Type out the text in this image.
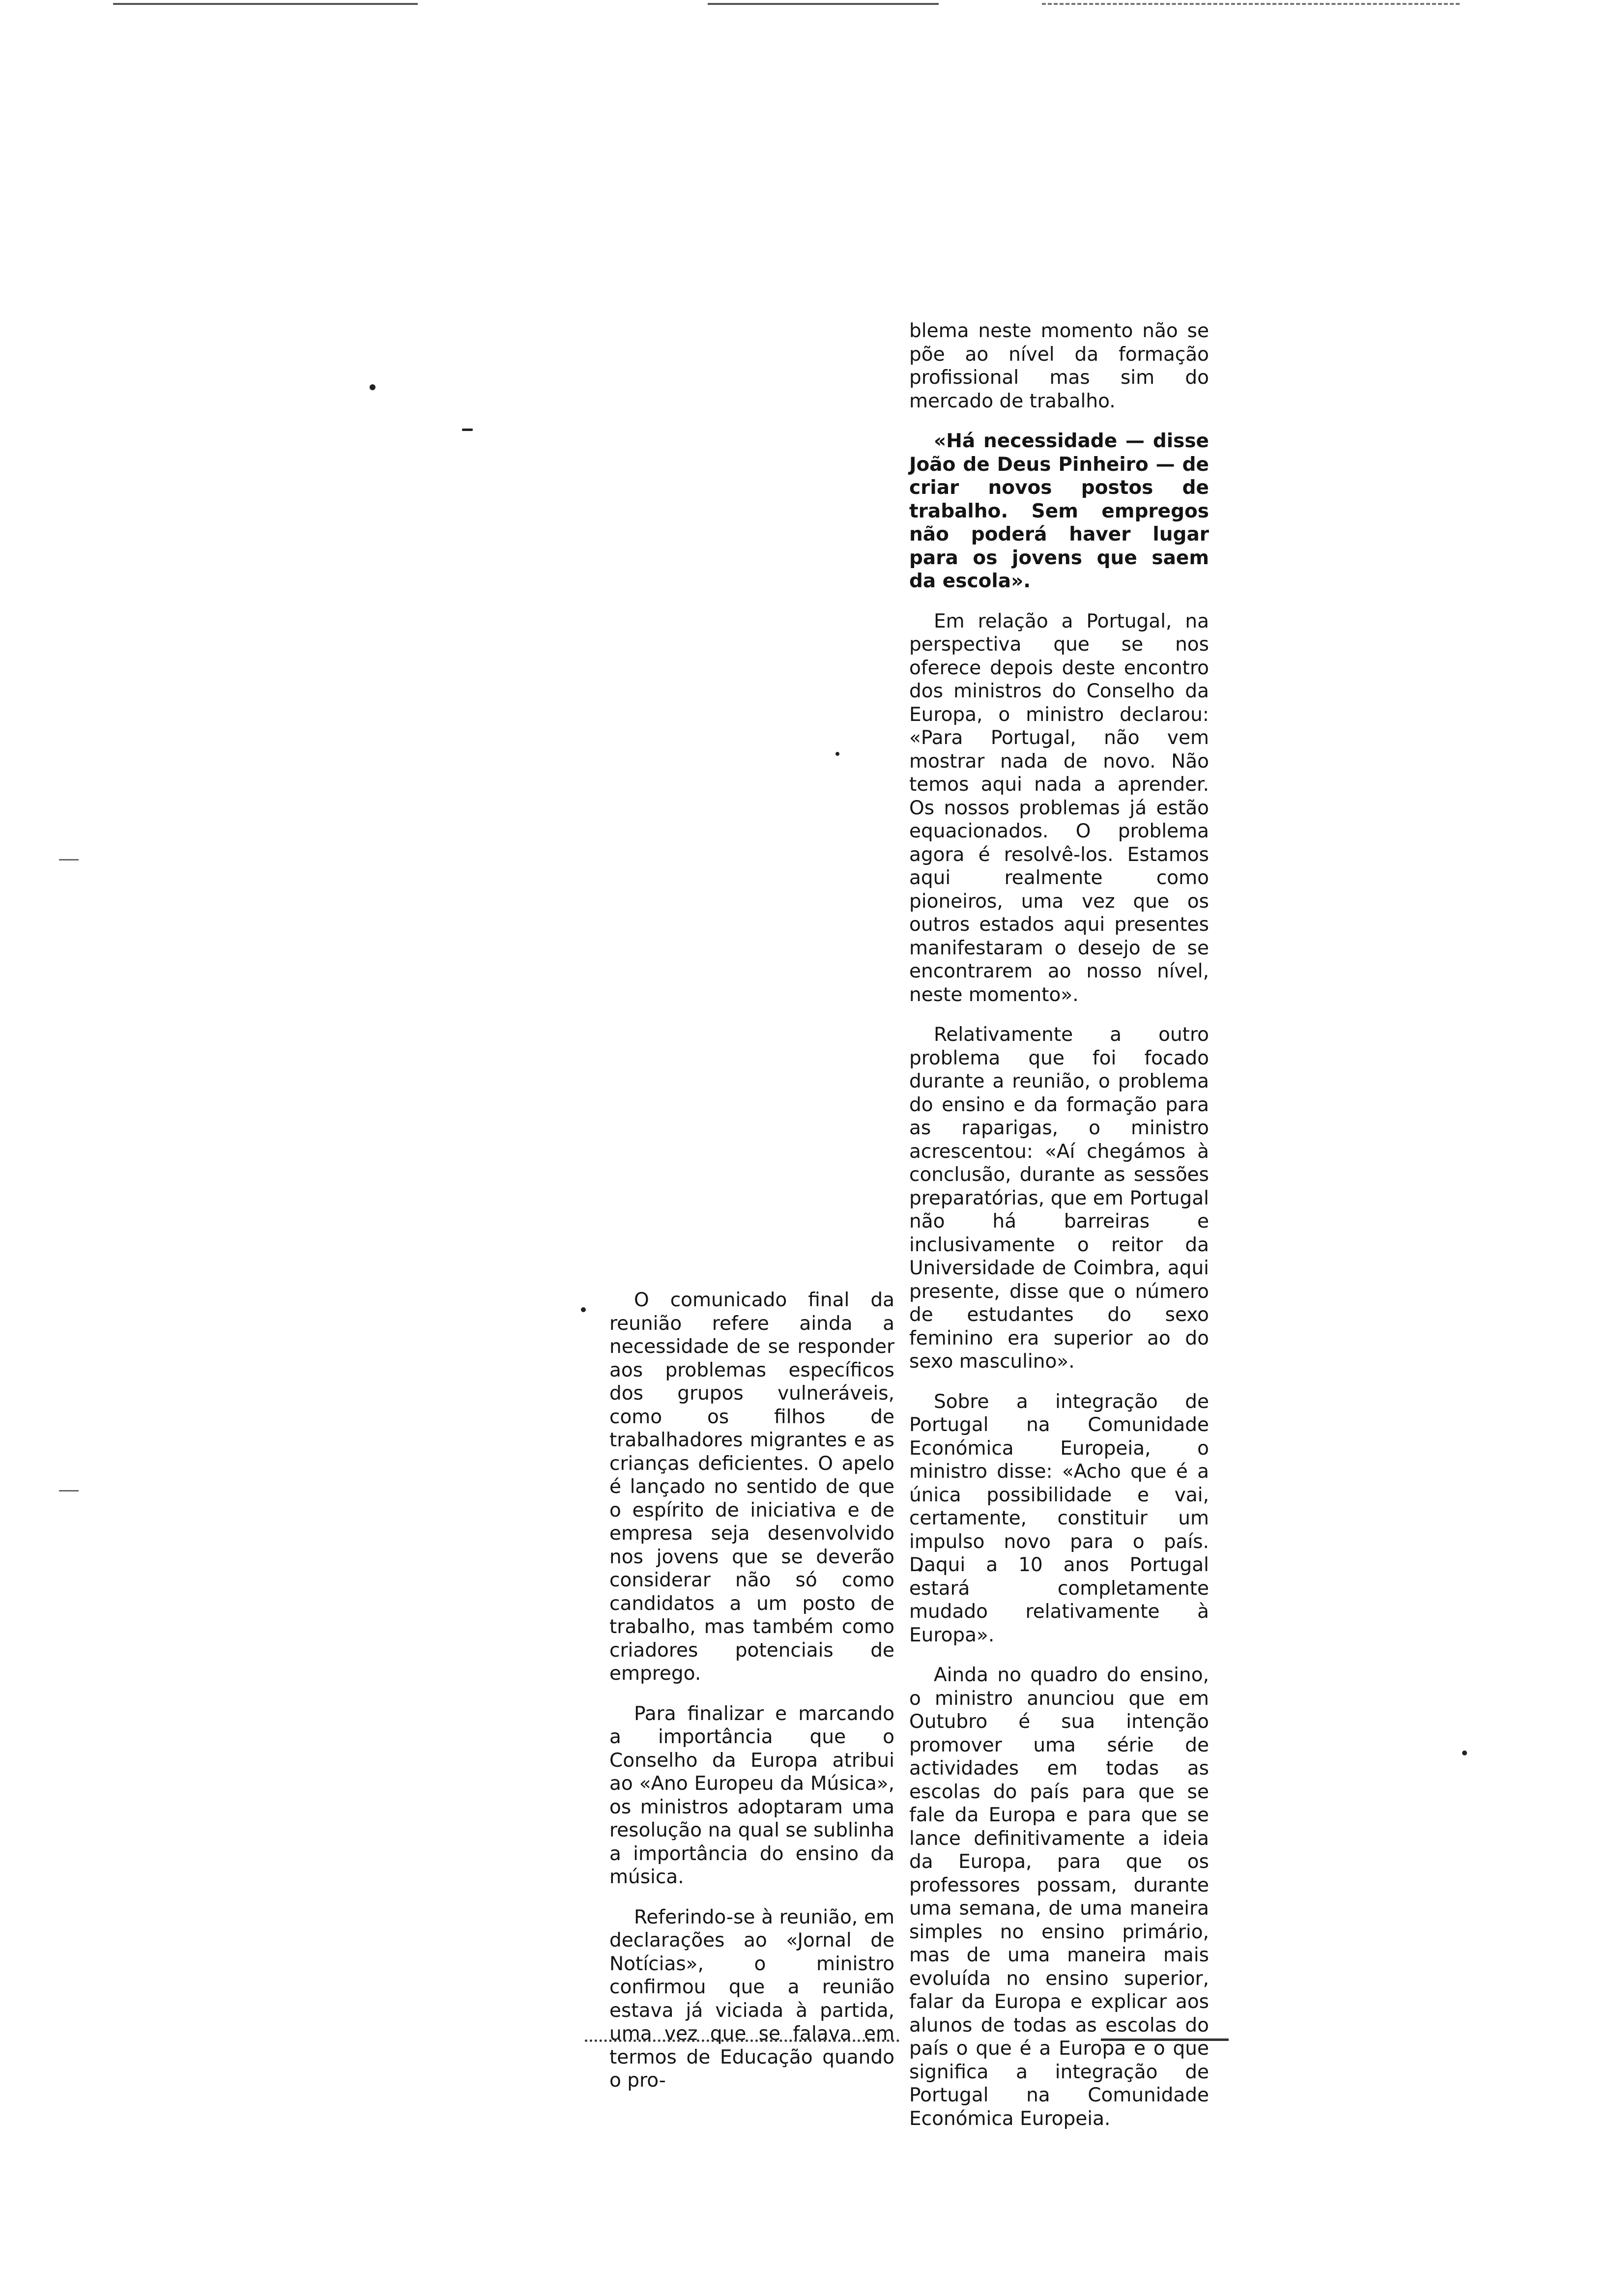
O comunicado final da reunião refere ainda a necessidade de se responder aos problemas específicos dos grupos vulneráveis, como os filhos de trabalhadores migrantes e as crianças deficientes. O apelo é lançado no sentido de que o espírito de iniciativa e de empresa seja desenvolvido nos jovens que se deverão considerar não só como candidatos a um posto de trabalho, mas também como criadores potenciais de emprego.

Para finalizar e marcando a importância que o Conselho da Europa atribui ao «Ano Europeu da Música», os ministros adoptaram uma resolução na qual se sublinha a importância do ensino da música.

Referindo-se à reunião, em declarações ao «Jornal de Notícias», o ministro confirmou que a reunião estava já viciada à partida, uma vez que se falava em termos de Educação quando o pro-

blema neste momento não se põe ao nível da formação profissional mas sim do mercado de trabalho.

«Há necessidade — disse João de Deus Pinheiro — de criar novos postos de trabalho. Sem empregos não poderá haver lugar para os jovens que saem da escola».

Em relação a Portugal, na perspectiva que se nos oferece depois deste encontro dos ministros do Conselho da Europa, o ministro declarou: «Para Portugal, não vem mostrar nada de novo. Não temos aqui nada a aprender. Os nossos problemas já estão equacionados. O problema agora é resolvê-los. Estamos aqui realmente como pioneiros, uma vez que os outros estados aqui presentes manifestaram o desejo de se encontrarem ao nosso nível, neste momento».

Relativamente a outro problema que foi focado durante a reunião, o problema do ensino e da formação para as raparigas, o ministro acrescentou: «Aí chegámos à conclusão, durante as sessões preparatórias, que em Portugal não há barreiras e inclusivamente o reitor da Universidade de Coimbra, aqui presente, disse que o número de estudantes do sexo feminino era superior ao do sexo masculino».

Sobre a integração de Portugal na Comunidade Económica Europeia, o ministro disse: «Acho que é a única possibilidade e vai, certamente, constituir um impulso novo para o país. Daqui a 10 anos Portugal estará completamente mudado relativamente à Europa».

Ainda no quadro do ensino, o ministro anunciou que em Outubro é sua intenção promover uma série de actividades em todas as escolas do país para que se fale da Europa e para que se lance definitivamente a ideia da Europa, para que os professores possam, durante uma semana, de uma maneira simples no ensino primário, mas de uma maneira mais evoluída no ensino superior, falar da Europa e explicar aos alunos de todas as escolas do país o que é a Europa e o que significa a integração de Portugal na Comunidade Económica Europeia.
